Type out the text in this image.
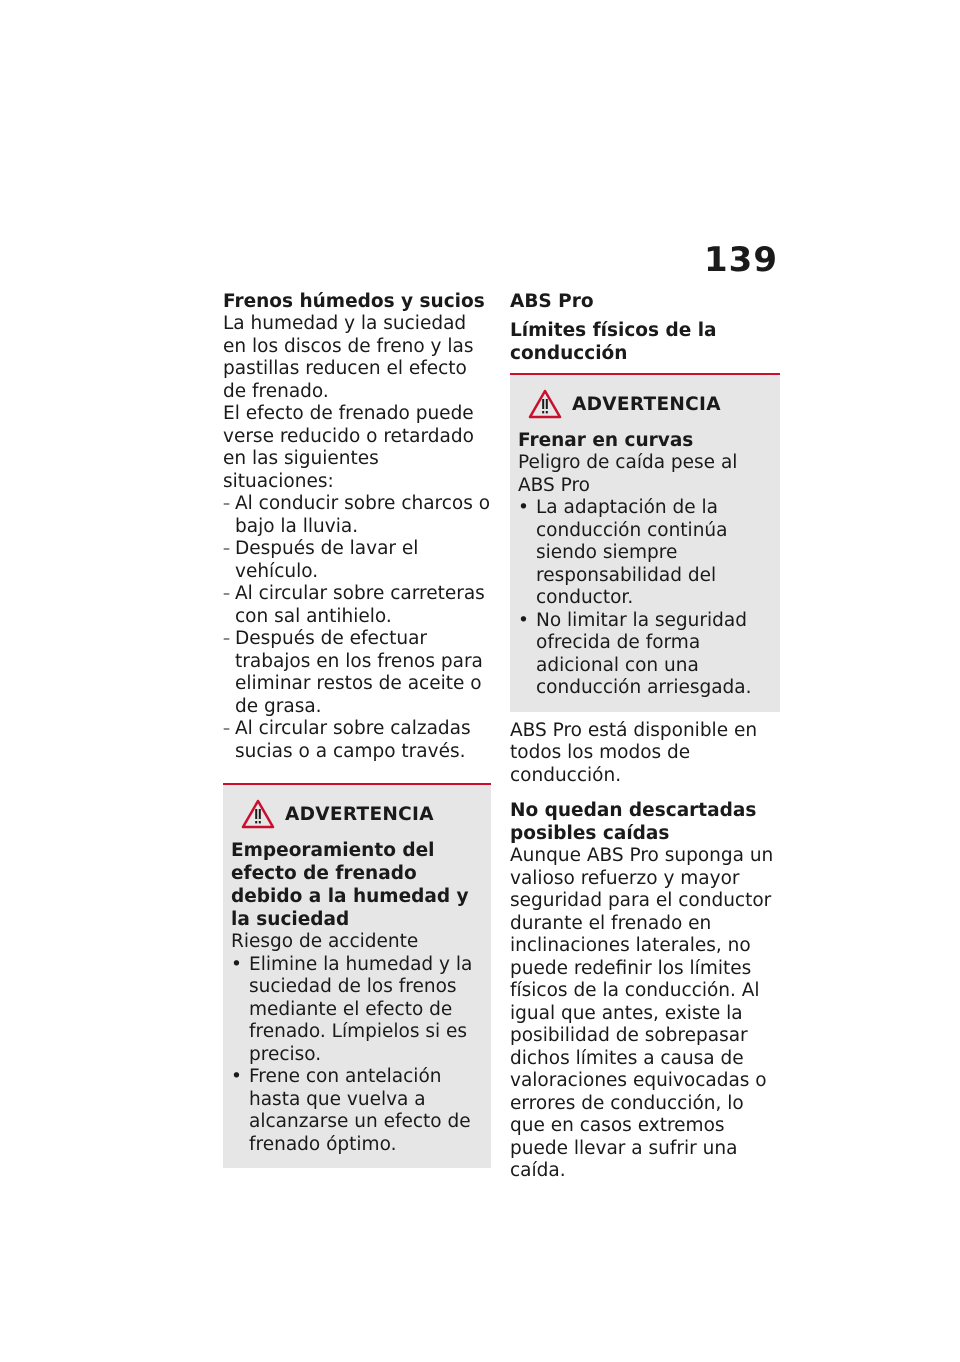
139
Frenos húmedos y sucios
La humedad y la suciedad en los discos de freno y las pastillas reducen el efecto de frenado.
El efecto de frenado puede verse reducido o retardado en las siguientes situaciones:
– Al conducir sobre charcos o bajo la lluvia.
– Después de lavar el vehículo.
– Al circular sobre carreteras con sal antihielo.
– Después de efectuar trabajos en los frenos para eliminar restos de aceite o de grasa.
– Al circular sobre calzadas sucias o a campo través.
ADVERTENCIA
Empeoramiento del efecto de frenado debido a la humedad y la suciedad
Riesgo de accidente
• Elimine la humedad y la suciedad de los frenos mediante el efecto de frenado. Límpielos si es preciso.
• Frene con antelación hasta que vuelva a alcanzarse un efecto de frenado óptimo.
ABS Pro
Límites físicos de la conducción
ADVERTENCIA
Frenar en curvas
Peligro de caída pese al ABS Pro
• La adaptación de la conducción continúa siendo siempre responsabilidad del conductor.
• No limitar la seguridad ofrecida de forma adicional con una conducción arriesgada.
ABS Pro está disponible en todos los modos de conducción.
No quedan descartadas posibles caídas
Aunque ABS Pro suponga un valioso refuerzo y mayor seguridad para el conductor durante el frenado en inclinaciones laterales, no puede redefinir los límites físicos de la conducción. Al igual que antes, existe la posibilidad de sobrepasar dichos límites a causa de valoraciones equivocadas o errores de conducción, lo que en casos extremos puede llevar a sufrir una caída.
